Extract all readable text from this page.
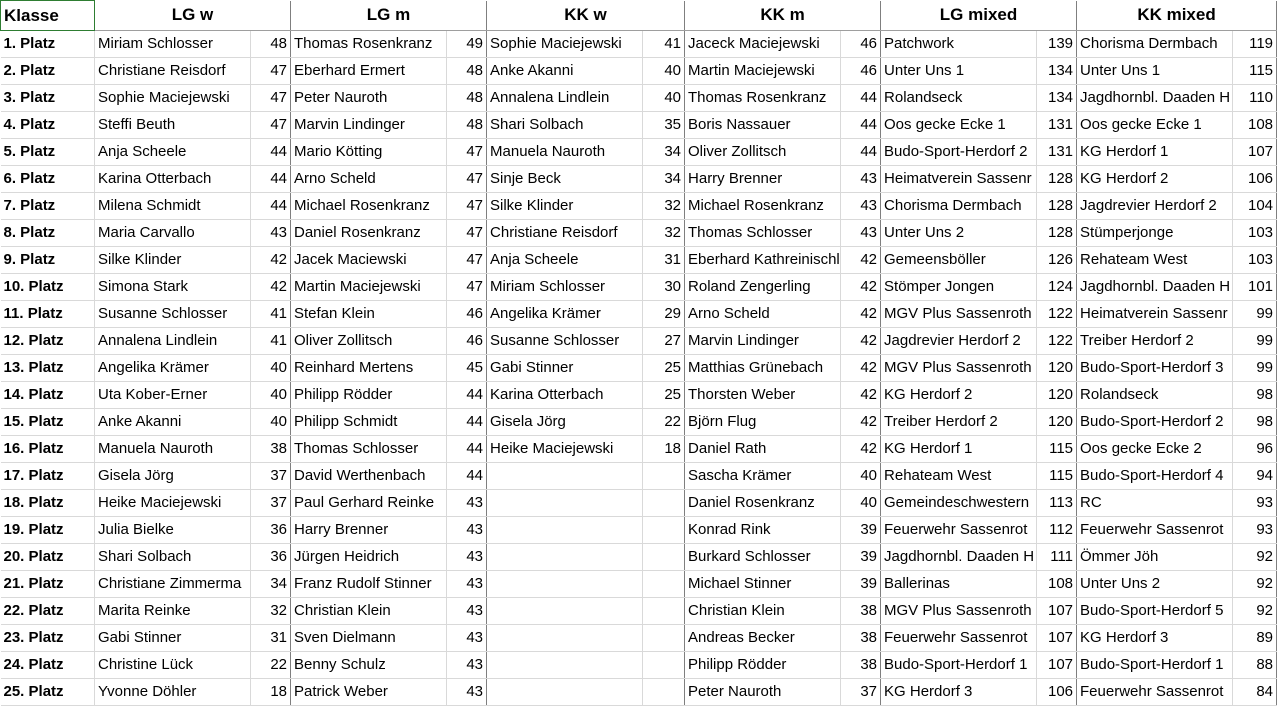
Klasse	LG w		LG m		KK w		KK m		LG mixed		KK mixed	
1. Platz	Miriam Schlosser	48	Thomas Rosenkranz	49	Sophie Maciejewski	41	Jaceck Maciejewski	46	Patchwork	139	Chorisma Dermbach	119
2. Platz	Christiane Reisdorf	47	Eberhard Ermert	48	Anke Akanni	40	Martin Maciejewski	46	Unter Uns 1	134	Unter Uns 1	115
3. Platz	Sophie Maciejewski	47	Peter Nauroth	48	Annalena Lindlein	40	Thomas Rosenkranz	44	Rolandseck	134	Jagdhornbl. Daaden H	110
4. Platz	Steffi Beuth	47	Marvin Lindinger	48	Shari Solbach	35	Boris Nassauer	44	Oos gecke Ecke 1	131	Oos gecke Ecke 1	108
5. Platz	Anja Scheele	44	Mario Kötting	47	Manuela Nauroth	34	Oliver Zollitsch	44	Budo-Sport-Herdorf 2	131	KG Herdorf 1	107
6. Platz	Karina Otterbach	44	Arno Scheld	47	Sinje Beck	34	Harry Brenner	43	Heimatverein Sassenr	128	KG Herdorf 2	106
7. Platz	Milena Schmidt	44	Michael Rosenkranz	47	Silke Klinder	32	Michael Rosenkranz	43	Chorisma Dermbach	128	Jagdrevier Herdorf 2	104
8. Platz	Maria Carvallo	43	Daniel Rosenkranz	47	Christiane Reisdorf	32	Thomas Schlosser	43	Unter Uns 2	128	Stümperjonge	103
9. Platz	Silke Klinder	42	Jacek Maciewski	47	Anja Scheele	31	Eberhard Kathreinischl	42	Gemeensböller	126	Rehateam West	103
10. Platz	Simona Stark	42	Martin Maciejewski	47	Miriam Schlosser	30	Roland Zengerling	42	Stömper Jongen	124	Jagdhornbl. Daaden H	101
11. Platz	Susanne Schlosser	41	Stefan Klein	46	Angelika Krämer	29	Arno Scheld	42	MGV Plus Sassenroth	122	Heimatverein Sassenr	99
12. Platz	Annalena Lindlein	41	Oliver Zollitsch	46	Susanne Schlosser	27	Marvin Lindinger	42	Jagdrevier Herdorf 2	122	Treiber Herdorf 2	99
13. Platz	Angelika Krämer	40	Reinhard Mertens	45	Gabi Stinner	25	Matthias Grünebach	42	MGV Plus Sassenroth	120	Budo-Sport-Herdorf 3	99
14. Platz	Uta Kober-Erner	40	Philipp Rödder	44	Karina Otterbach	25	Thorsten Weber	42	KG Herdorf 2	120	Rolandseck	98
15. Platz	Anke Akanni	40	Philipp Schmidt	44	Gisela Jörg	22	Björn Flug	42	Treiber Herdorf 2	120	Budo-Sport-Herdorf 2	98
16. Platz	Manuela Nauroth	38	Thomas Schlosser	44	Heike Maciejewski	18	Daniel Rath	42	KG Herdorf 1	115	Oos gecke Ecke 2	96
17. Platz	Gisela Jörg	37	David Werthenbach	44			Sascha Krämer	40	Rehateam West	115	Budo-Sport-Herdorf 4	94
18. Platz	Heike Maciejewski	37	Paul Gerhard Reinke	43			Daniel Rosenkranz	40	Gemeindeschwestern	113	RC	93
19. Platz	Julia Bielke	36	Harry Brenner	43			Konrad Rink	39	Feuerwehr Sassenrot	112	Feuerwehr Sassenrot	93
20. Platz	Shari Solbach	36	Jürgen Heidrich	43			Burkard Schlosser	39	Jagdhornbl. Daaden H	111	Ömmer Jöh	92
21. Platz	Christiane Zimmerma	34	Franz Rudolf Stinner	43			Michael Stinner	39	Ballerinas	108	Unter Uns 2	92
22. Platz	Marita Reinke	32	Christian Klein	43			Christian Klein	38	MGV Plus Sassenroth	107	Budo-Sport-Herdorf 5	92
23. Platz	Gabi Stinner	31	Sven Dielmann	43			Andreas Becker	38	Feuerwehr Sassenrot	107	KG Herdorf 3	89
24. Platz	Christine Lück	22	Benny Schulz	43			Philipp Rödder	38	Budo-Sport-Herdorf 1	107	Budo-Sport-Herdorf 1	88
25. Platz	Yvonne Döhler	18	Patrick Weber	43			Peter Nauroth	37	KG Herdorf 3	106	Feuerwehr Sassenrot	84
